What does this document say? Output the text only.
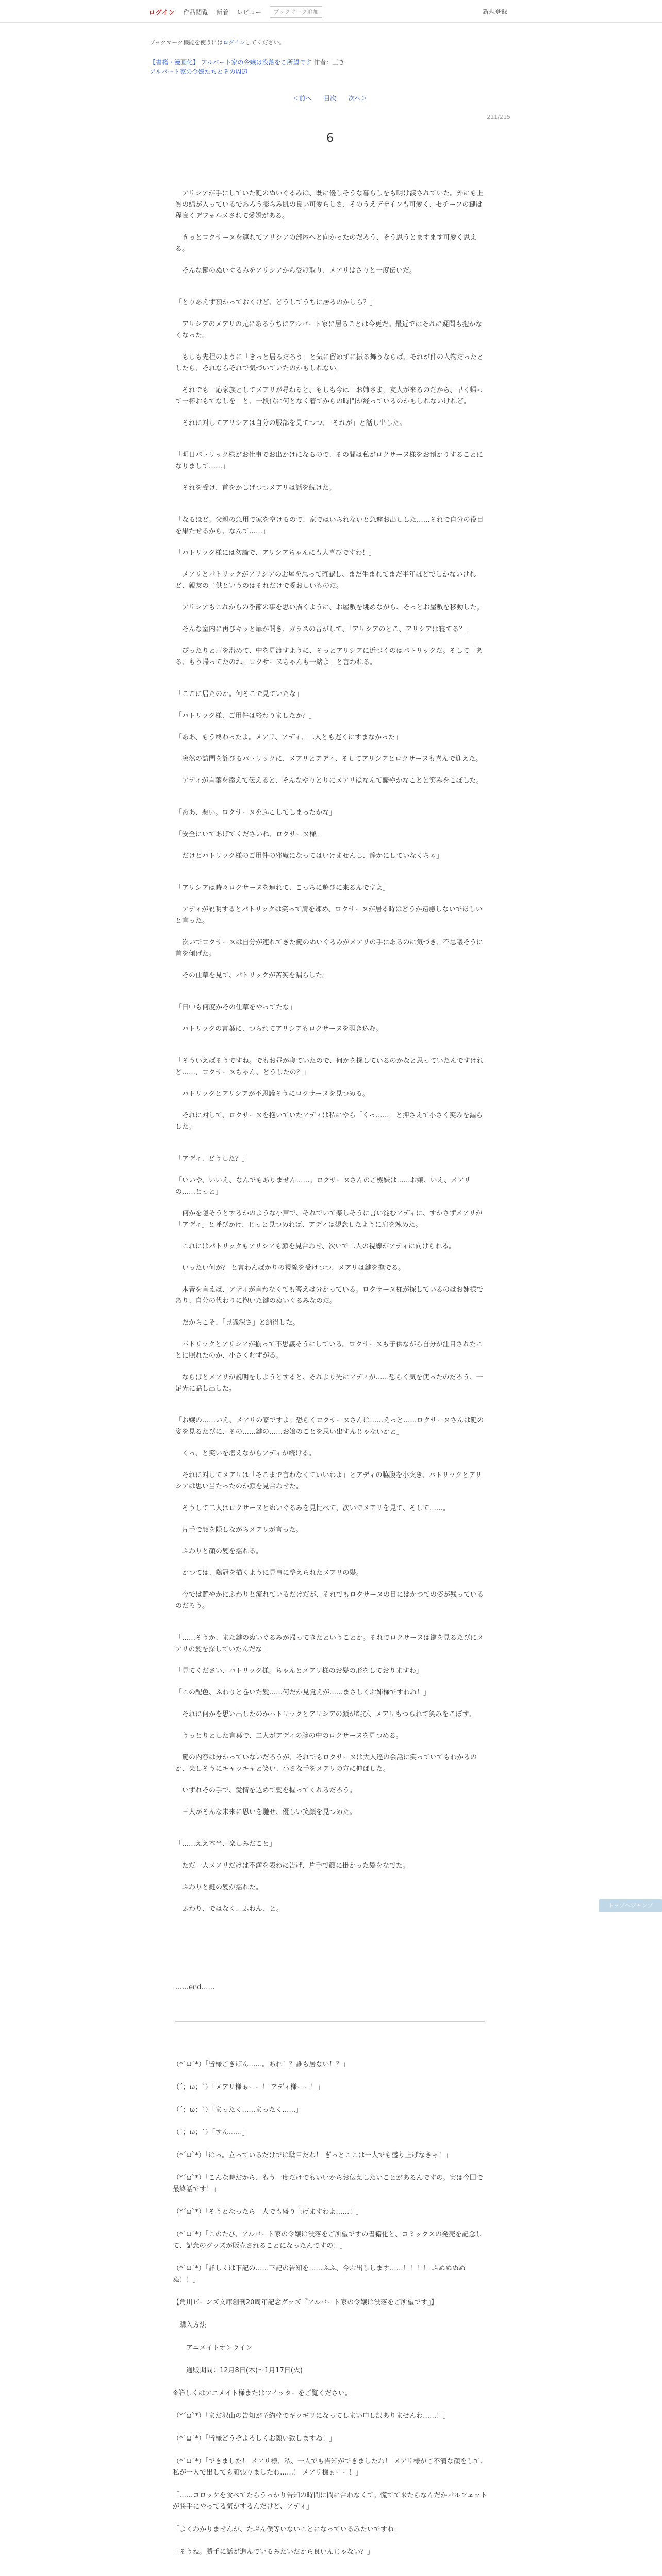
ログイン 作品閲覧 新着 レビュー
ブックマーク追加	新規登録
ブックマーク機能を使うにはログインしてください。
【書籍・漫画化】 アルバート家の令嬢は没落をご所望です 作者：三き
アルバート家の令嬢たちとその周辺
＜前へ 目次 次へ＞
211/215
6

　アリシアが手にしていた鍵のぬいぐるみは、既に優しそうな暮らしをも明け渡されていた。外にも上質の綿が入っているであろう膨らみ肌の良い可愛らしさ、そのうえデザインも可愛く、セチーフの鍵は程良くデフォルメされて愛嬌がある。

　きっとロクサーヌを連れてアリシアの部屋へと向かったのだろう、そう思うとますます可愛く思える。

　そんな鍵のぬいぐるみをアリシアから受け取り、メアリはさりと一度伝いだ。

「とりあえず預かっておくけど、どうしてうちに居るのかしら？」

　アリシアのメアリの元にあるうちにアルバート家に居ることは今更だ。最近ではそれに疑問も抱かなくなった。

　もしも先程のように「きっと居るだろう」と気に留めずに振る舞うならば、それが件の人物だったとしたら、それならそれで気づいていたのかもしれない。

　それでも一応家族としてメアリが尋ねると、もしも今は「お姉さま，友人が来るのだから、早く帰って一杯おもてなしを」と、一段代に何となく着てからの時間が経っているのかもしれないけれど。

　それに対してアリシアは自分の服部を見てつつ、「それが」と話し出した。

「明日パトリック様がお仕事でお出かけになるので、その間は私がロクサーヌ様をお預かりすることになりまして……」

　それを受け、首をかしげつつメアリは話を続けた。

「なるほど。父親の急用で家を空けるので、家ではいられないと急遽お出しした……それで自分の役目を果たせるから、なんて……」

「パトリック様には勿論で、アリシアちゃんにも大喜びですわ！」

　メアリとパトリックがアリシアのお屋を思って確認し、まだ生まれてまだ半年ほどでしかないけれど、親友の子供というのはそれだけで愛おしいものだ。

　アリシアもこれからの季節の事を思い描くように、お屋敷を眺めながら、そっとお屋敷を移動した。

　そんな室内に再びキッと扉が開き、ガラスの音がして、「アリシアのとこ、アリシアは寝てる？」

　ぴったりと声を潜めて、中を見渡すように、そっとアリシアに近づくのはパトリックだ。そして「ある、もう帰ってたのね。ロクサーヌちゃんも一緒よ」と言われる。

「ここに居たのか。何そこで見ていたな」

「パトリック様、ご用件は終わりましたか？」

「ああ、もう終わったよ。メアリ、アディ、二人とも遅くにすまなかった」

　突然の訪問を詫びるパトリックに、メアリとアディ、そしてアリシアとロクサーヌも喜んで迎えた。

　アディが言葉を添えて伝えると、そんなやりとりにメアリはなんて賑やかなことと笑みをこぼした。

「ああ、悪い。ロクサーヌを起こしてしまったかな」

「安全にいてあげてくださいね、ロクサーヌ様。

　だけどパトリック様のご用件の邪魔になってはいけませんし、静かにしていなくちゃ」

「アリシアは時々ロクサーヌを連れて、こっちに遊びに来るんですよ」

　アディが説明するとパトリックは笑って肩を竦め、ロクサーヌが居る時はどうか遠慮しないでほしいと言った。

　次いでロクサーヌは自分が連れてきた鍵のぬいぐるみがメアリの手にあるのに気づき、不思議そうに首を傾げた。

　その仕草を見て、パトリックが苦笑を漏らした。

「日中も何度かその仕草をやってたな」

　パトリックの言葉に、つられてアリシアもロクサーヌを覗き込む。

「そういえばそうですね。でもお昼が寝ていたので、何かを探しているのかなと思っていたんですけれど……，ロクサーヌちゃん、どうしたの？」

　パトリックとアリシアが不思議そうにロクサーヌを見つめる。

　それに対して、ロクサーヌを抱いていたアディは私にやら「くっ……」と押さえて小さく笑みを漏らした。

「アディ、どうした？」

「いいや、いいえ、なんでもありません……。ロクサーヌさんのご機嫌は……お嬢、いえ、メアリの……とっと」

　何かを隠そうとするかのような小声で、それでいて楽しそうに言い淀むアディに、すかさずメアリが「アディ」と呼びかけ、じっと見つめれば、アディは観念したように肩を竦めた。

　これにはパトリックもアリシアも顔を見合わせ、次いで二人の視線がアディに向けられる。

　いったい何が？ と言わんばかりの視線を受けつつ、メアリは鍵を撫でる。

　本音を言えば、アディが言わなくても答えは分かっている。ロクサーヌ様が探しているのはお姉様であり、自分の代わりに抱いた鍵のぬいぐるみなのだ。

　だからこそ、「見識深さ」と納得した。

　パトリックとアリシアが揃って不思議そうにしている。ロクサーヌも子供ながら自分が注目されたことに照れたのか、小さくむずがる。

　ならばとメアリが説明をしようとすると、それより先にアディが……恐らく気を使ったのだろう、一足先に話し出した。

「お嬢の……いえ、メアリの家ですよ。恐らくロクサーヌさんは……えっと……ロクサーヌさんは鍵の姿を見るたびに、その……鍵の……お嬢のことを思い出すんじゃないかと」

　くっ、と笑いを堪えながらアディが続ける。

　それに対してメアリは「そこまで言わなくていいわよ」とアディの脇腹を小突き、パトリックとアリシアは思い当たったのか顔を見合わせた。

　そうして二人はロクサーヌとぬいぐるみを見比べて、次いでメアリを見て、そして……。

　片手で顔を隠しながらメアリが言った。

　ふわりと顔の髪を揺れる。

　かつては、鶏冠を描くように見事に整えられたメアリの髪。

　今では艶やかにふわりと流れているだけだが、それでもロクサーヌの目にはかつての姿が残っているのだろう。

「……そうか、また鍵のぬいぐるみが帰ってきたということか。それでロクサーヌは鍵を見るたびにメアリの髪を探していたんだな」

「見てください、パトリック様。ちゃんとメアリ様のお髪の形をしておりますわ」

「この配色、ふわりと巻いた髪……何だか見覚えが……まさしくお姉様ですわね！」

　それに何かを思い出したのかパトリックとアリシアの顔が綻び、メアリもつられて笑みをこぼす。

　うっとりとした言葉で、二人がアディの腕の中のロクサーヌを見つめる。

　鍵の内容は分かっていないだろうが、それでもロクサーヌは大人達の会話に笑っていてもわかるのか、楽しそうにキャッキャと笑い、小さな手をメアリの方に伸ばした。

　いずれその手で、愛情を込めて髪を握ってくれるだろう。

　三人がそんな未来に思いを馳せ、優しい笑顔を見つめた。

「……ええ本当、楽しみだこと」

　ただ一人メアリだけは不満を表わに告げ、片手で顔に掛かった髪をなでた。

　ふわりと鍵の髪が揺れた。

　ふわり、ではなく、ふわん、と。

……end……

（*´ω`*）「皆様ごきげん……。あれ！？誰も居ない！？」

（´；ω；`）「メアリ様ぁーー！ アディ様ーー！」

（´；ω；`）「まったく……まったく……」

（´；ω；`）「すん……」

（*´ω`*）「はっ。立っているだけでは駄目だわ！ ぎっとここは一人でも盛り上げなきゃ！」

（*´ω`*）「こんな時だから、もう一度だけでもいいからお伝えしたいことがあるんですの。実は今回で最終話です！」

（*´ω`*）「そうとなったら一人でも盛り上げますわよ……！」

（*´ω`*）「このたび、アルバート家の令嬢は没落をご所望ですの書籍化と、コミックスの発売を記念して、記念のグッズが販売されることになったんですの！」

（*´ω`*）「詳しくは下記の……下記の告知を……ふふ、今お出しします……！！！！ ふぬぬぬぬぬ！！」

【角川ビーンズ文庫創刊20周年記念グッズ『アルバート家の令嬢は没落をご所望です』】

　購入方法

　　アニメイトオンライン

　　通販期間：12月8日(木)〜1月17日(火)

※詳しくはアニメイト様またはツイッターをご覧ください。

（*´ω`*）「まだ沢山の告知が予約枠でギッギリになってしまい申し訳ありませんわ……！」

（*´ω`*）「皆様どうぞよろしくお願い致しますね！」

（*´ω`*）「できました！ メアリ様、私、一人でも告知ができましたわ！ メアリ様がご不満な顔をして、私が一人で出しても頑張りましたわ……！ メアリ様ぁーー！」

「……コロッケを食べてたらうっかり告知の時間に間に合わなくて。慌てて来たらなんだかパルフェットが勝手にやってる気がするんだけど、アディ」

「よくわかりませんが、たぶん僕等いないことになっているみたいですね」

「そうね。勝手に話が進んでいるみたいだから良いんじゃない？」

トップへジャンプ
